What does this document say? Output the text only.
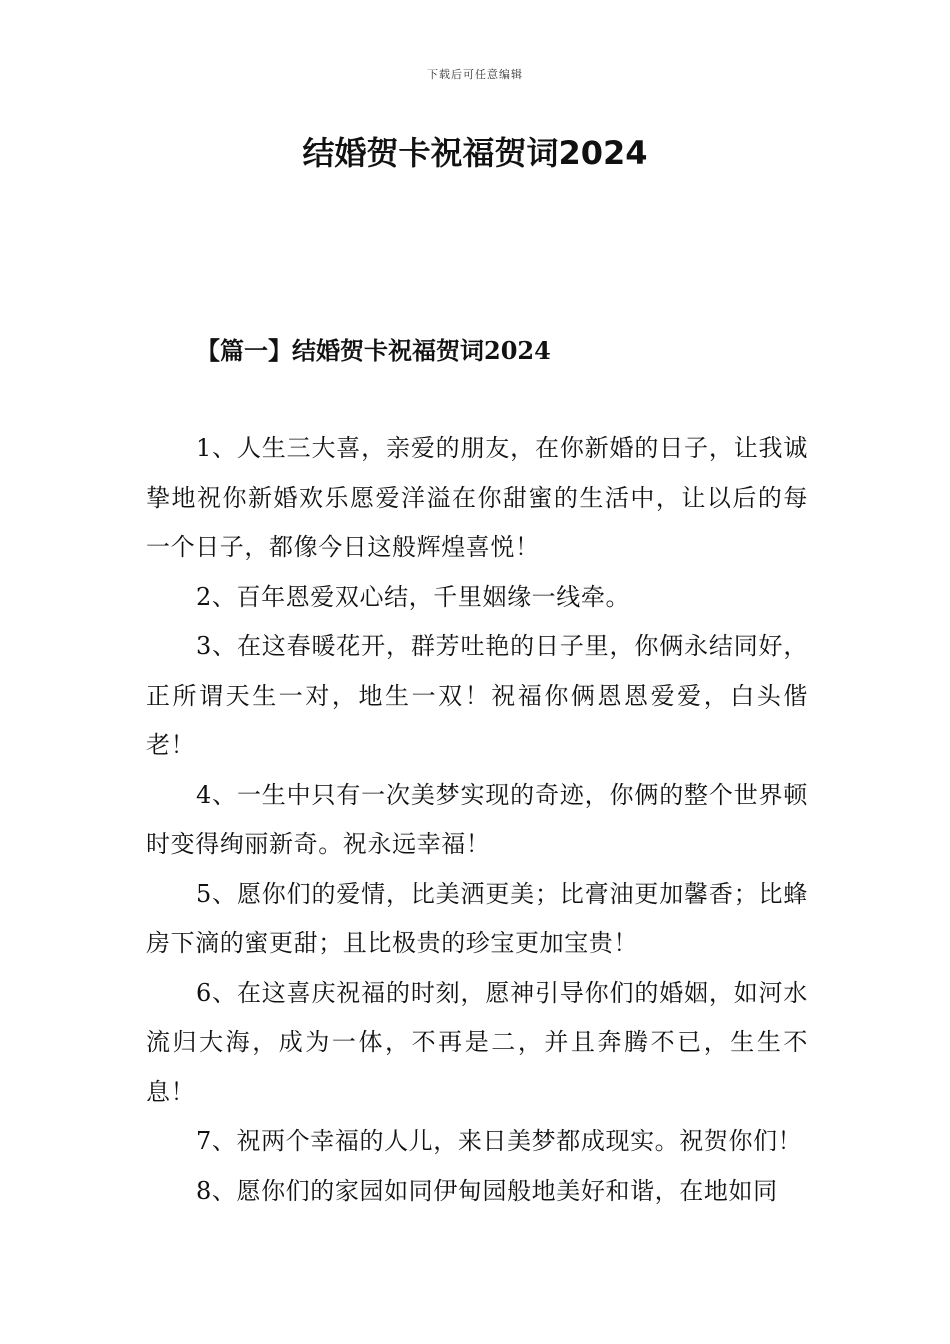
下载后可任意编辑
结婚贺卡祝福贺词2024
【篇一】结婚贺卡祝福贺词2024

1、人生三大喜，亲爱的朋友，在你新婚的日子，让我诚挚地祝你新婚欢乐愿爱洋溢在你甜蜜的生活中，让以后的每一个日子，都像今日这般辉煌喜悦！

2、百年恩爱双心结，千里姻缘一线牵。

3、在这春暖花开，群芳吐艳的日子里，你俩永结同好，正所谓天生一对，地生一双！祝福你俩恩恩爱爱，白头偕老！

4、一生中只有一次美梦实现的奇迹，你俩的整个世界顿时变得绚丽新奇。祝永远幸福！

5、愿你们的爱情，比美洒更美；比膏油更加馨香；比蜂房下滴的蜜更甜；且比极贵的珍宝更加宝贵！

6、在这喜庆祝福的时刻，愿神引导你们的婚姻，如河水流归大海，成为一体，不再是二，并且奔腾不已，生生不息！

7、祝两个幸福的人儿，来日美梦都成现实。祝贺你们！

8、愿你们的家园如同伊甸园般地美好和谐，在地如同
